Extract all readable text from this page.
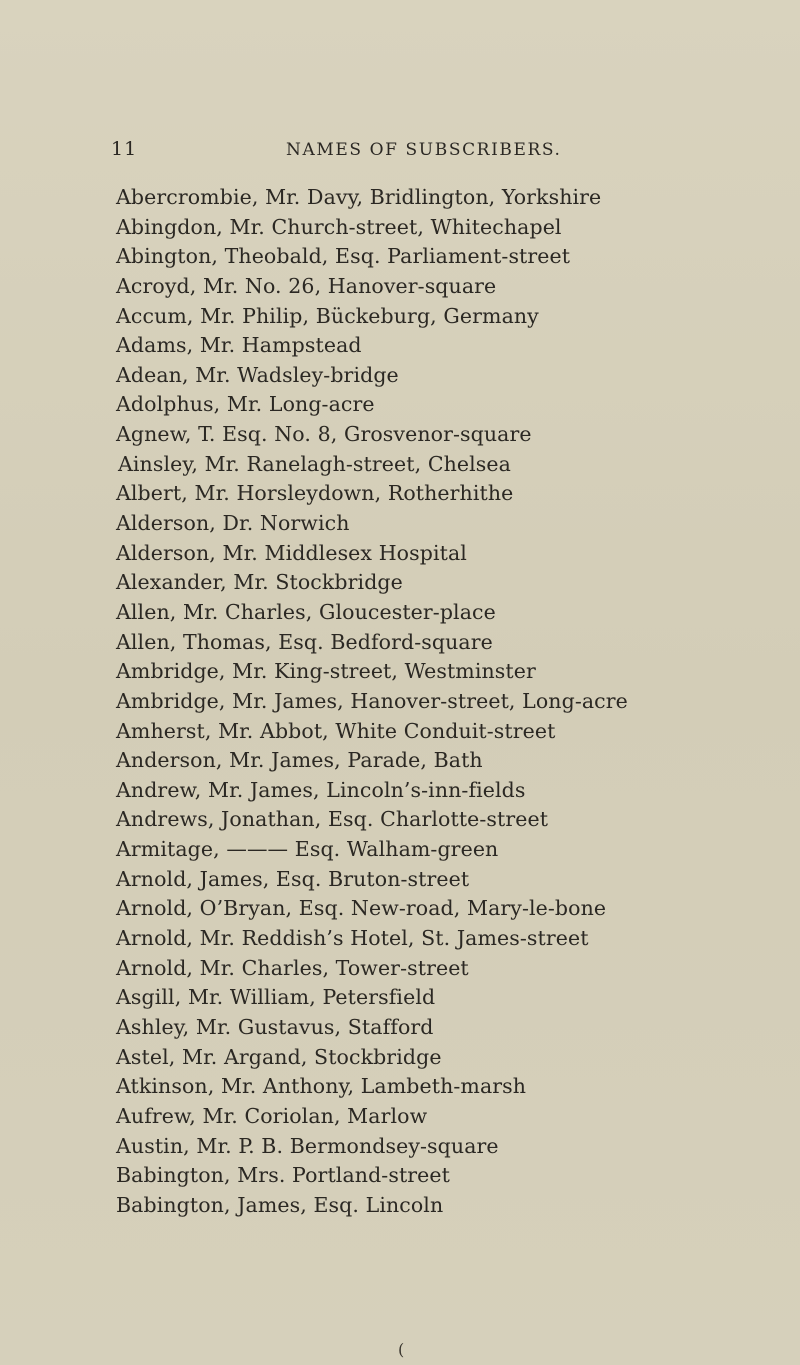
11	NAMES OF SUBSCRIBERS.
Abercrombie, Mr. Davy, Bridlington, Yorkshire
Abingdon, Mr. Church-street, Whitechapel
Abington, Theobald, Esq. Parliament-street
Acroyd, Mr. No. 26, Hanover-square
Accum, Mr. Philip, Bückeburg, Germany
Adams, Mr. Hampstead
Adean, Mr. Wadsley-bridge
Adolphus, Mr. Long-acre
Agnew, T. Esq. No. 8, Grosvenor-square
Ainsley, Mr. Ranelagh-street, Chelsea
Albert, Mr. Horsleydown, Rotherhithe
Alderson, Dr. Norwich
Alderson, Mr. Middlesex Hospital
Alexander, Mr. Stockbridge
Allen, Mr. Charles, Gloucester-place
Allen, Thomas, Esq. Bedford-square
Ambridge, Mr. King-street, Westminster
Ambridge, Mr. James, Hanover-street, Long-acre
Amherst, Mr. Abbot, White Conduit-street
Anderson, Mr. James, Parade, Bath
Andrew, Mr. James, Lincoln’s-inn-fields
Andrews, Jonathan, Esq. Charlotte-street
Armitage, ——— Esq. Walham-green
Arnold, James, Esq. Bruton-street
Arnold, O’Bryan, Esq. New-road, Mary-le-bone
Arnold, Mr. Reddish’s Hotel, St. James-street
Arnold, Mr. Charles, Tower-street
Asgill, Mr. William, Petersfield
Ashley, Mr. Gustavus, Stafford
Astel, Mr. Argand, Stockbridge
Atkinson, Mr. Anthony, Lambeth-marsh
Aufrew, Mr. Coriolan, Marlow
Austin, Mr. P. B. Bermondsey-square
Babington, Mrs. Portland-street
Babington, James, Esq. Lincoln
(
